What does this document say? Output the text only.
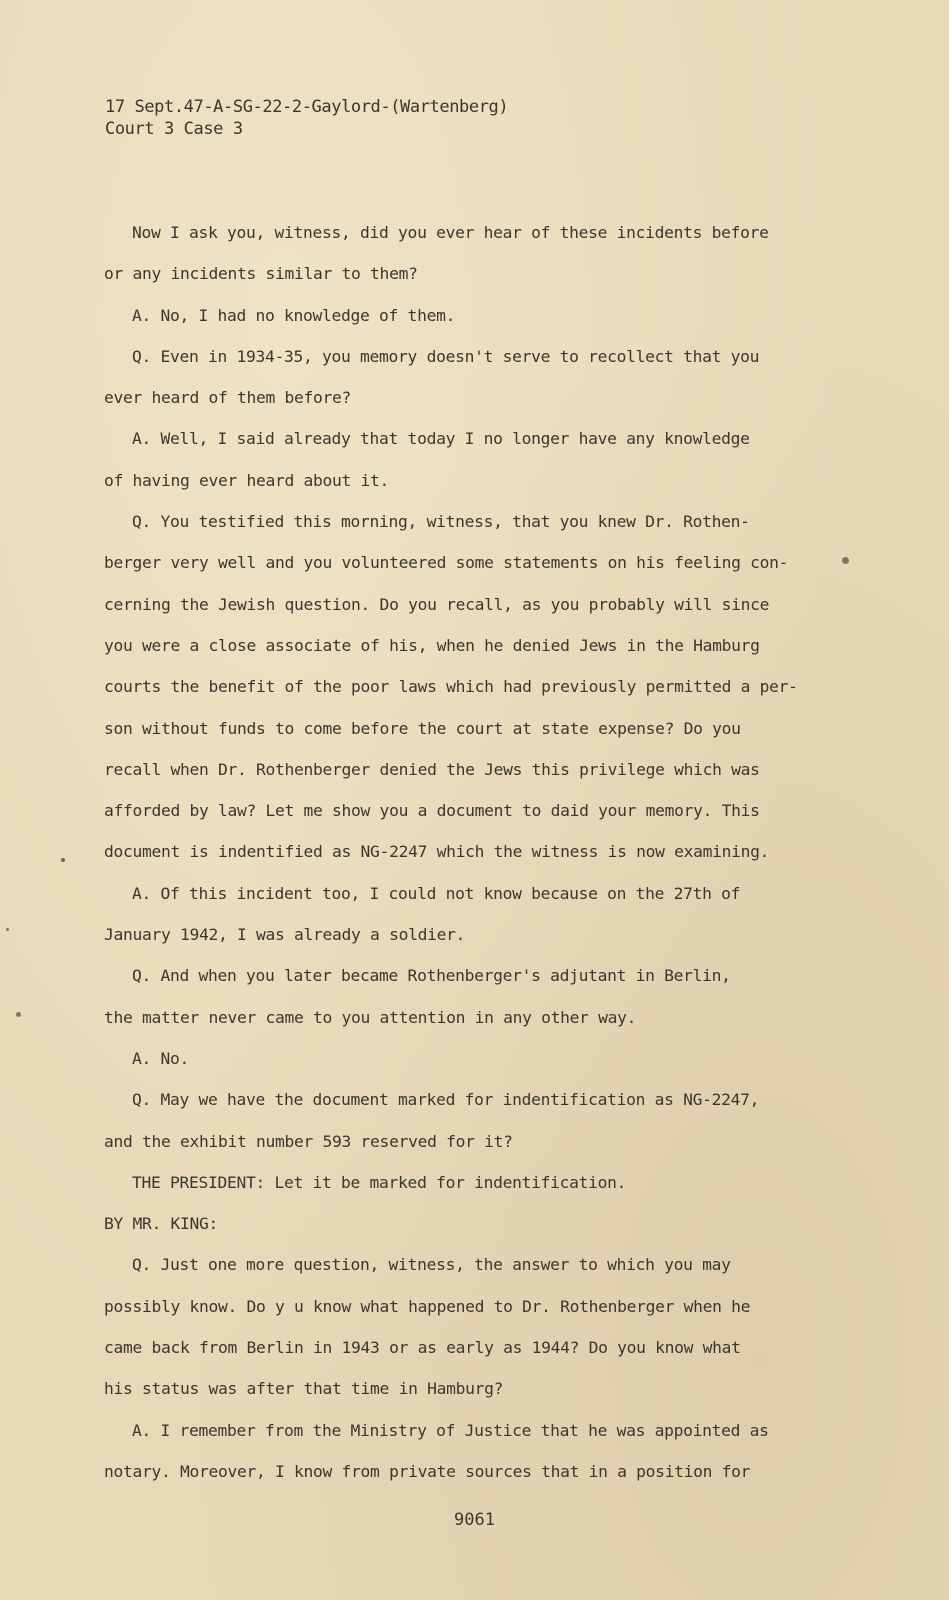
17 Sept.47-A-SG-22-2-Gaylord-(Wartenberg)
Court 3 Case 3
Now I ask you, witness, did you ever hear of these incidents before
or any incidents similar to them?
A. No, I had no knowledge of them.
Q. Even in 1934-35, you memory doesn't serve to recollect that you
ever heard of them before?
A. Well, I said already that today I no longer have any knowledge
of having ever heard about it.
Q. You testified this morning, witness, that you knew Dr. Rothen-
berger very well and you volunteered some statements on his feeling con-
cerning the Jewish question. Do you recall, as you probably will since
you were a close associate of his, when he denied Jews in the Hamburg
courts the benefit of the poor laws which had previously permitted a per-
son without funds to come before the court at state expense? Do you
recall when Dr. Rothenberger denied the Jews this privilege which was
afforded by law? Let me show you a document to daid your memory. This
document is indentified as NG-2247 which the witness is now examining.
A. Of this incident too, I could not know because on the 27th of
January 1942, I was already a soldier.
Q. And when you later became Rothenberger's adjutant in Berlin,
the matter never came to you attention in any other way.
A. No.
Q. May we have the document marked for indentification as NG-2247,
and the exhibit number 593 reserved for it?
THE PRESIDENT: Let it be marked for indentification.
BY MR. KING:
Q. Just one more question, witness, the answer to which you may
possibly know. Do y u know what happened to Dr. Rothenberger when he
came back from Berlin in 1943 or as early as 1944? Do you know what
his status was after that time in Hamburg?
A. I remember from the Ministry of Justice that he was appointed as
notary. Moreover, I know from private sources that in a position for
9061
